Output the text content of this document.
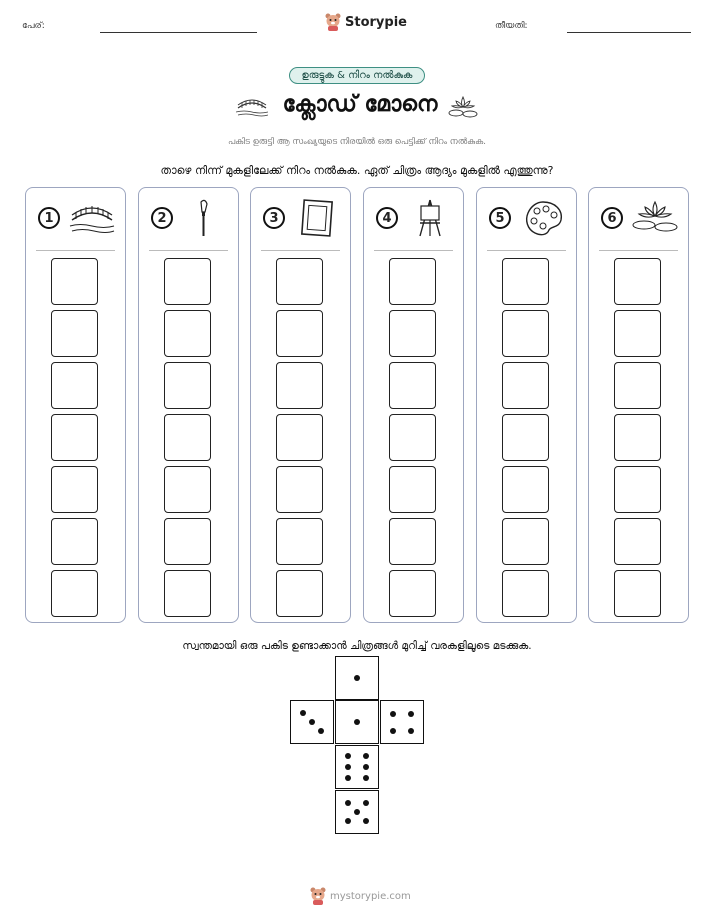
പേര്:	Storypie	തീയതി:
ഉരുട്ടുക & നിറം നൽകുക
ക്ലോഡ് മോനെ
പകിട ഉരുട്ടി ആ സംഖ്യയുടെ നിരയിൽ ഒരു പെട്ടിക്ക് നിറം നൽകുക.
താഴെ നിന്ന് മുകളിലേക്ക് നിറം നൽകുക. ഏത് ചിത്രം ആദ്യം മുകളിൽ എത്തുന്നു?
1	2	3	4	5	6
സ്വന്തമായി ഒരു പകിട ഉണ്ടാക്കാൻ ചിത്രങ്ങൾ മുറിച്ച് വരകളിലൂടെ മടക്കുക.
mystorypie.com
